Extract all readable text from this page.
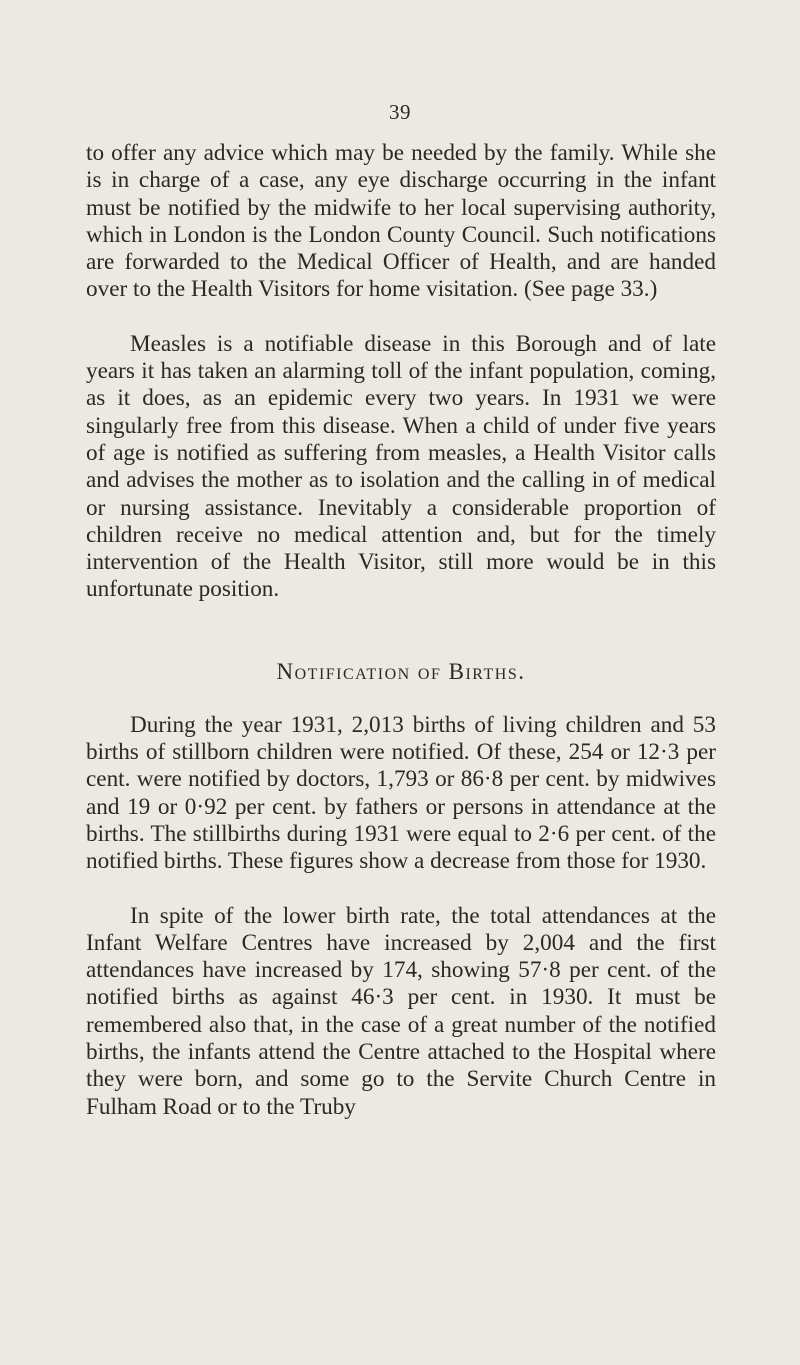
39

to offer any advice which may be needed by the family. While she is in charge of a case, any eye discharge occurring in the infant must be notified by the midwife to her local supervising authority, which in London is the London County Council. Such notifications are forwarded to the Medical Officer of Health, and are handed over to the Health Visitors for home visitation. (See page 33.)

Measles is a notifiable disease in this Borough and of late years it has taken an alarming toll of the infant population, coming, as it does, as an epidemic every two years. In 1931 we were singularly free from this disease. When a child of under five years of age is notified as suffering from measles, a Health Visitor calls and advises the mother as to isolation and the calling in of medical or nursing assistance. Inevitably a considerable proportion of children receive no medical attention and, but for the timely intervention of the Health Visitor, still more would be in this unfortunate position.

Notification of Births.

During the year 1931, 2,013 births of living children and 53 births of stillborn children were notified. Of these, 254 or 12·3 per cent. were notified by doctors, 1,793 or 86·8 per cent. by midwives and 19 or 0·92 per cent. by fathers or persons in attendance at the births. The stillbirths during 1931 were equal to 2·6 per cent. of the notified births. These figures show a decrease from those for 1930.

In spite of the lower birth rate, the total attendances at the Infant Welfare Centres have increased by 2,004 and the first attendances have increased by 174, showing 57·8 per cent. of the notified births as against 46·3 per cent. in 1930. It must be remembered also that, in the case of a great number of the notified births, the infants attend the Centre attached to the Hospital where they were born, and some go to the Servite Church Centre in Fulham Road or to the Truby
